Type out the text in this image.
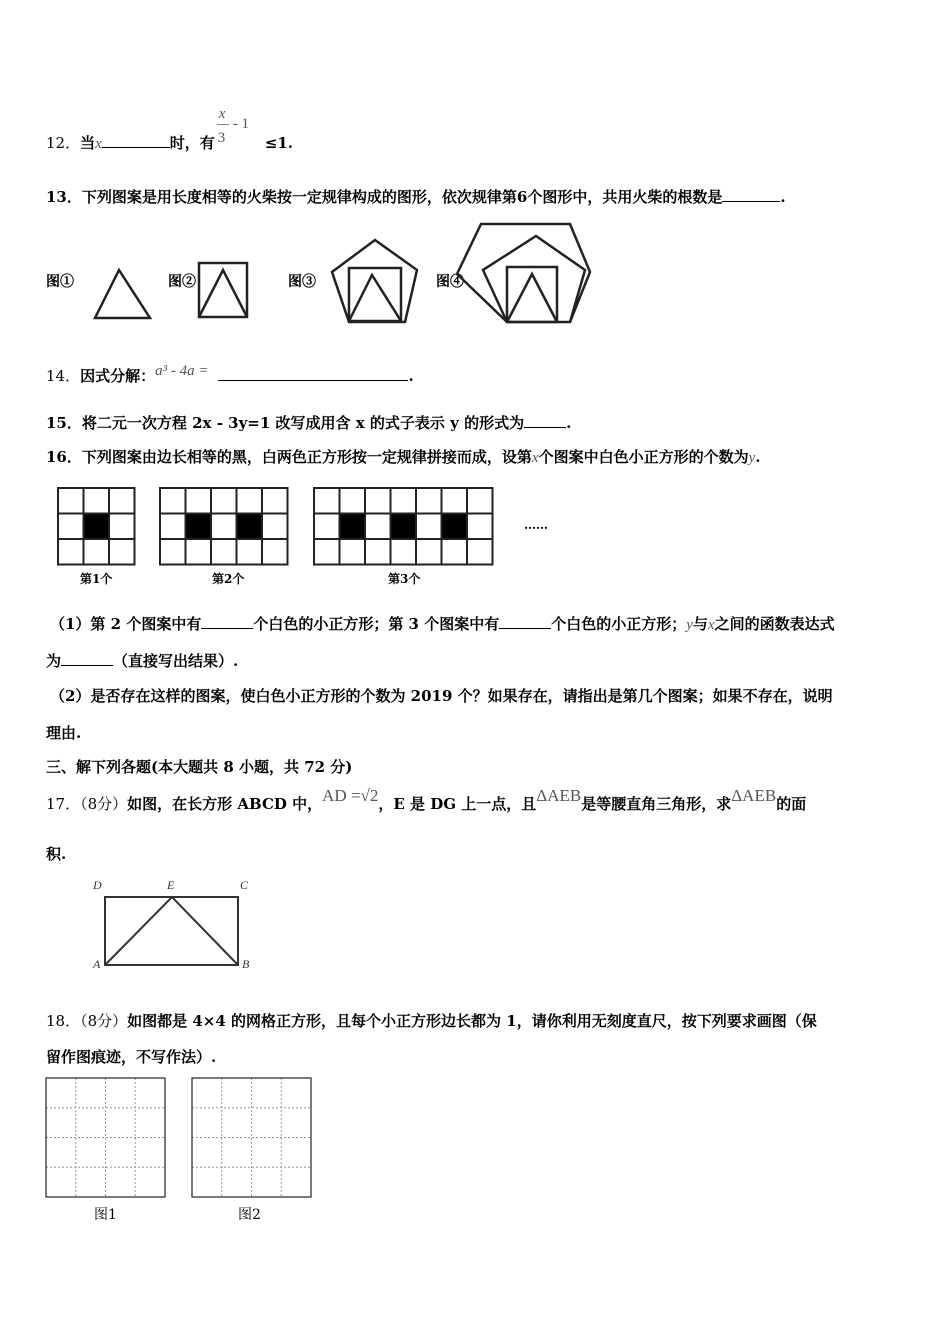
12．当x	时，有
x
3
- 1
≤1.
13．下列图案是用长度相等的火柴按一定规律构成的图形，依次规律第6个图形中，共用火柴的根数是	.
图①	图②	图③	图④
14．因式分解：a³ - 4a =	.
15．将二元一次方程 2x - 3y=1 改写成用含 x 的式子表示 y 的形式为	.
16．下列图案由边长相等的黑，白两色正方形按一定规律拼接而成，设第x个图案中白色小正方形的个数为y.
第1个	第2个	第3个
……
（1）第 2 个图案中有	个白色的小正方形；第 3 个图案中有	个白色的小正方形；y与x之间的函数表达式
为	（直接写出结果）.
（2）是否存在这样的图案，使白色小正方形的个数为 2019 个？如果存在，请指出是第几个图案；如果不存在，说明
理由.
三、解下列各题(本大题共 8 小题，共 72 分)
17．（8分）如图，在长方形 ABCD 中，AD =√2，E 是 DG 上一点，且ΔAEB是等腰直角三角形，求ΔAEB的面
积.
D	E	C
A	B
18．（8分）如图都是 4×4 的网格正方形，且每个小正方形边长都为 1，请你利用无刻度直尺，按下列要求画图（保
留作图痕迹，不写作法）.
图1	图2
